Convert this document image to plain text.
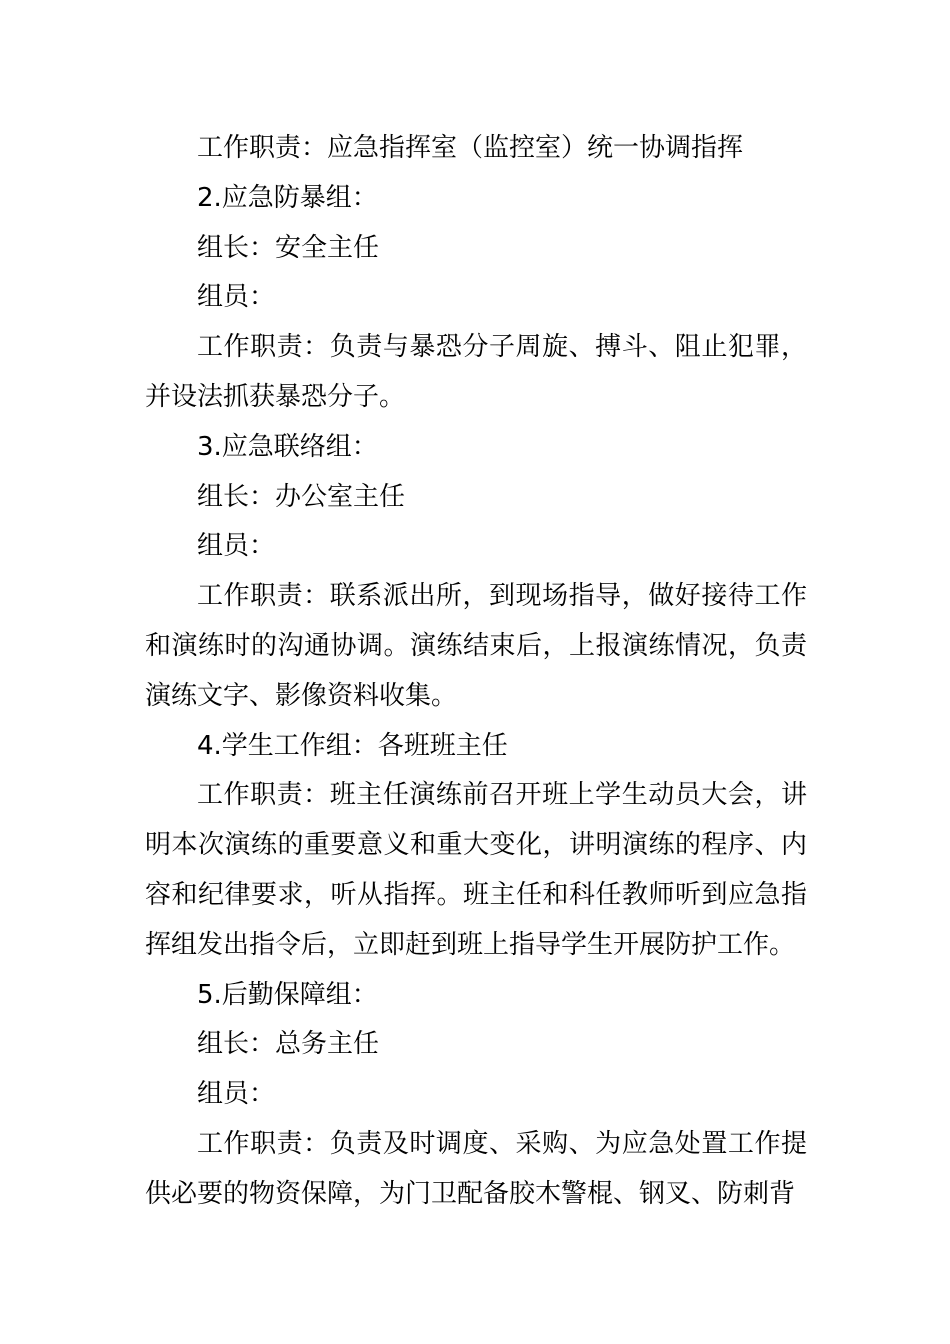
工作职责：应急指挥室（监控室）统一协调指挥

2.应急防暴组：

组长：安全主任

组员：

工作职责：负责与暴恐分子周旋、搏斗、阻止犯罪，并设法抓获暴恐分子。

3.应急联络组：

组长：办公室主任

组员：

工作职责：联系派出所，到现场指导，做好接待工作和演练时的沟通协调。演练结束后，上报演练情况，负责演练文字、影像资料收集。

4.学生工作组：各班班主任

工作职责：班主任演练前召开班上学生动员大会，讲明本次演练的重要意义和重大变化，讲明演练的程序、内容和纪律要求，听从指挥。班主任和科任教师听到应急指挥组发出指令后，立即赶到班上指导学生开展防护工作。

5.后勤保障组：

组长：总务主任

组员：

工作职责：负责及时调度、采购、为应急处置工作提供必要的物资保障，为门卫配备胶木警棍、钢叉、防刺背
